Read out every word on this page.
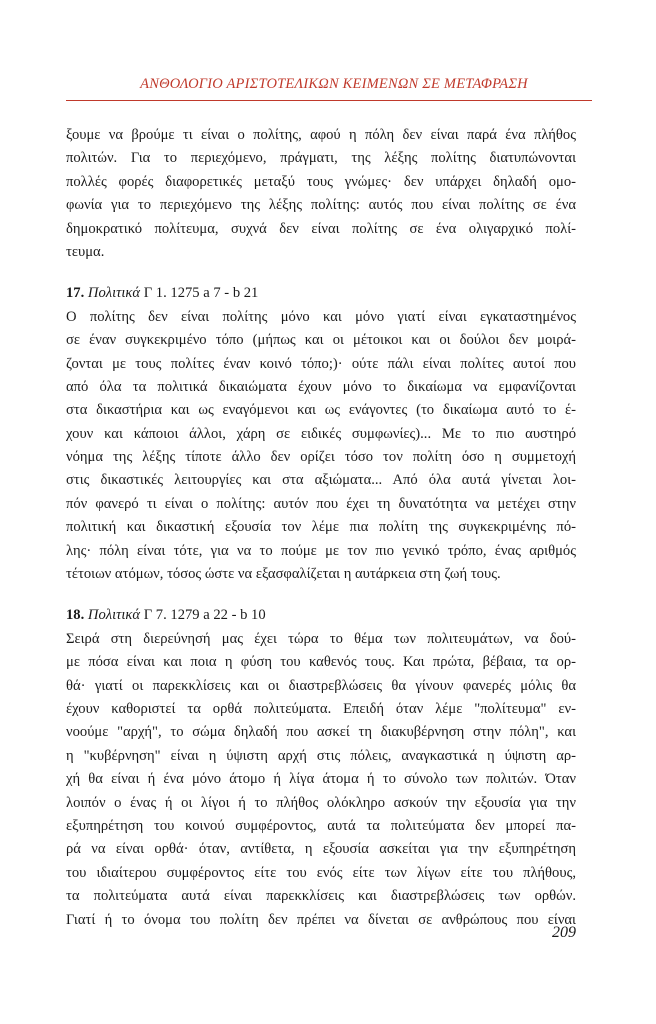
ΑΝΘΟΛΟΓΙΟ ΑΡΙΣΤΟΤΕΛΙΚΩΝ ΚΕΙΜΕΝΩΝ ΣΕ ΜΕΤΑΦΡΑΣΗ
ξουμε να βρούμε τι είναι ο πολίτης, αφού η πόλη δεν είναι παρά ένα πλήθος
πολιτών. Για το περιεχόμενο, πράγματι, της λέξης πολίτης διατυπώνονται
πολλές φορές διαφορετικές μεταξύ τους γνώμες· δεν υπάρχει δηλαδή ομο-
φωνία για το περιεχόμενο της λέξης πολίτης: αυτός που είναι πολίτης σε ένα
δημοκρατικό πολίτευμα, συχνά δεν είναι πολίτης σε ένα ολιγαρχικό πολί-
τευμα.
17. Πολιτικά Γ 1. 1275 a 7 - b 21
Ο πολίτης δεν είναι πολίτης μόνο και μόνο γιατί είναι εγκαταστημένος
σε έναν συγκεκριμένο τόπο (μήπως και οι μέτοικοι και οι δούλοι δεν μοιρά-
ζονται με τους πολίτες έναν κοινό τόπο;)· ούτε πάλι είναι πολίτες αυτοί που
από όλα τα πολιτικά δικαιώματα έχουν μόνο το δικαίωμα να εμφανίζονται
στα δικαστήρια και ως εναγόμενοι και ως ενάγοντες (το δικαίωμα αυτό το έ-
χουν και κάποιοι άλλοι, χάρη σε ειδικές συμφωνίες)... Με το πιο αυστηρό
νόημα της λέξης τίποτε άλλο δεν ορίζει τόσο τον πολίτη όσο η συμμετοχή
στις δικαστικές λειτουργίες και στα αξιώματα... Από όλα αυτά γίνεται λοι-
πόν φανερό τι είναι ο πολίτης: αυτόν που έχει τη δυνατότητα να μετέχει στην
πολιτική και δικαστική εξουσία τον λέμε πια πολίτη της συγκεκριμένης πό-
λης· πόλη είναι τότε, για να το πούμε με τον πιο γενικό τρόπο, ένας αριθμός
τέτοιων ατόμων, τόσος ώστε να εξασφαλίζεται η αυτάρκεια στη ζωή τους.
18. Πολιτικά Γ 7. 1279 a 22 - b 10
Σειρά στη διερεύνησή μας έχει τώρα το θέμα των πολιτευμάτων, να δού-
με πόσα είναι και ποια η φύση του καθενός τους. Και πρώτα, βέβαια, τα ορ-
θά· γιατί οι παρεκκλίσεις και οι διαστρεβλώσεις θα γίνουν φανερές μόλις θα
έχουν καθοριστεί τα ορθά πολιτεύματα. Επειδή όταν λέμε "πολίτευμα" εν-
νοούμε "αρχή", το σώμα δηλαδή που ασκεί τη διακυβέρνηση στην πόλη", και
η "κυβέρνηση" είναι η ύψιστη αρχή στις πόλεις, αναγκαστικά η ύψιστη αρ-
χή θα είναι ή ένα μόνο άτομο ή λίγα άτομα ή το σύνολο των πολιτών. Όταν
λοιπόν ο ένας ή οι λίγοι ή το πλήθος ολόκληρο ασκούν την εξουσία για την
εξυπηρέτηση του κοινού συμφέροντος, αυτά τα πολιτεύματα δεν μπορεί πα-
ρά να είναι ορθά· όταν, αντίθετα, η εξουσία ασκείται για την εξυπηρέτηση
του ιδιαίτερου συμφέροντος είτε του ενός είτε των λίγων είτε του πλήθους,
τα πολιτεύματα αυτά είναι παρεκκλίσεις και διαστρεβλώσεις των ορθών.
Γιατί ή το όνομα του πολίτη δεν πρέπει να δίνεται σε ανθρώπους που είναι
209
